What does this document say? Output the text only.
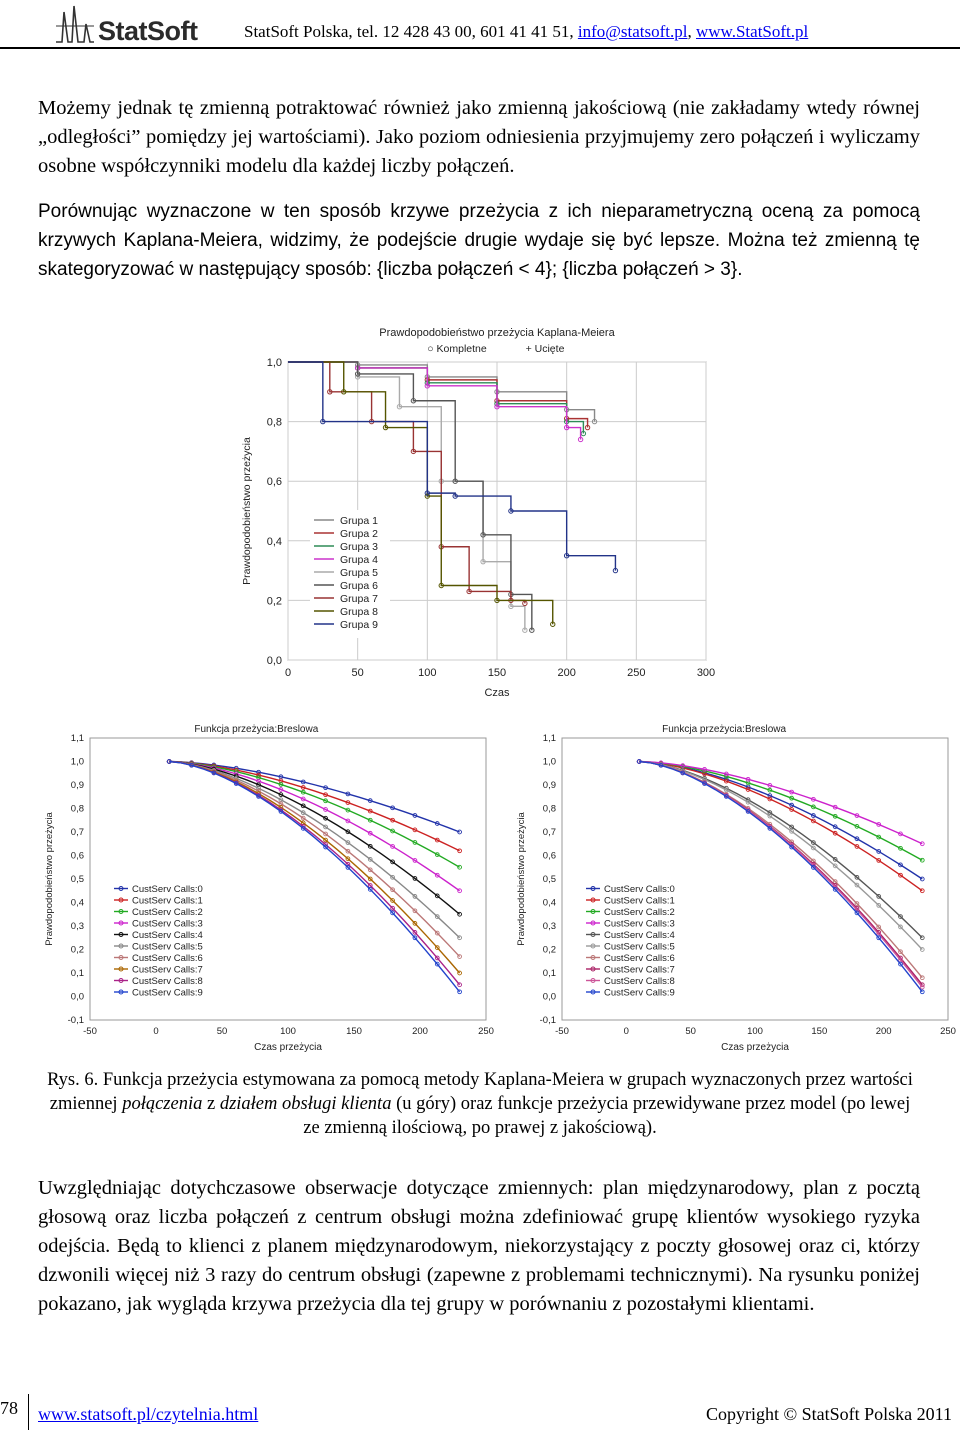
StatSoft	StatSoft Polska, tel. 12 428 43 00, 601 41 41 51, info@statsoft.pl, www.StatSoft.pl

Możemy jednak tę zmienną potraktować również jako zmienną jakościową (nie zakładamy wtedy równej „odległości” pomiędzy jej wartościami). Jako poziom odniesienia przyjmujemy zero połączeń i wyliczamy osobne współczynniki modelu dla każdej liczby połączeń.

Porównując wyznaczone w ten sposób krzywe przeżycia z ich nieparametryczną oceną za pomocą krzywych Kaplana-Meiera, widzimy, że podejście drugie wydaje się być lepsze. Można też zmienną tę skategoryzować w następujący sposób: {liczba połączeń < 4}; {liczba połączeń > 3}.

Prawdopodobieństwo przeżycia Kaplana-Meiera
○ Kompletne	+ Ucięte
0	50	100	150	200	250	300
0,0
0,2
0,4
0,6
0,8
1,0
Czas
Prawdopodobieństwo przeżycia	Grupa 1
Grupa 2
Grupa 3
Grupa 4
Grupa 5
Grupa 6
Grupa 7
Grupa 8
Grupa 9
Funkcja przeżycia:Breslowa
-50	0	50	100	150	200	250
-0,1
0,0
0,1
0,2
0,3
0,4
0,5
0,6
0,7
0,8
0,9
1,0
1,1
Czas przeżycia
Prawdopodobieństwo przeżycia	CustServ Calls:0
CustServ Calls:1
CustServ Calls:2
CustServ Calls:3
CustServ Calls:4
CustServ Calls:5
CustServ Calls:6
CustServ Calls:7
CustServ Calls:8
CustServ Calls:9
Funkcja przeżycia:Breslowa
-50	0	50	100	150	200	250
-0,1
0,0
0,1
0,2
0,3
0,4
0,5
0,6
0,7
0,8
0,9
1,0
1,1
Czas przeżycia
Prawdopodobieństwo przeżycia	CustServ Calls:0
CustServ Calls:1
CustServ Calls:2
CustServ Calls:3
CustServ Calls:4
CustServ Calls:5
CustServ Calls:6
CustServ Calls:7
CustServ Calls:8
CustServ Calls:9

Rys. 6. Funkcja przeżycia estymowana za pomocą metody Kaplana-Meiera w grupach wyznaczonych przez wartości zmiennej połączenia z działem obsługi klienta (u góry) oraz funkcje przeżycia przewidywane przez model (po lewej ze zmienną ilościową, po prawej z jakościową).

Uwzględniając dotychczasowe obserwacje dotyczące zmiennych: plan międzynarodowy, plan z pocztą głosową oraz liczba połączeń z centrum obsługi można zdefiniować grupę klientów wysokiego ryzyka odejścia. Będą to klienci z planem międzynarodowym, niekorzystający z poczty głosowej oraz ci, którzy dzwonili więcej niż 3 razy do centrum obsługi (zapewne z problemami technicznymi). Na rysunku poniżej pokazano, jak wygląda krzywa przeżycia dla tej grupy w porównaniu z pozostałymi klientami.

78 www.statsoft.pl/czytelnia.html	Copyright © StatSoft Polska 2011
